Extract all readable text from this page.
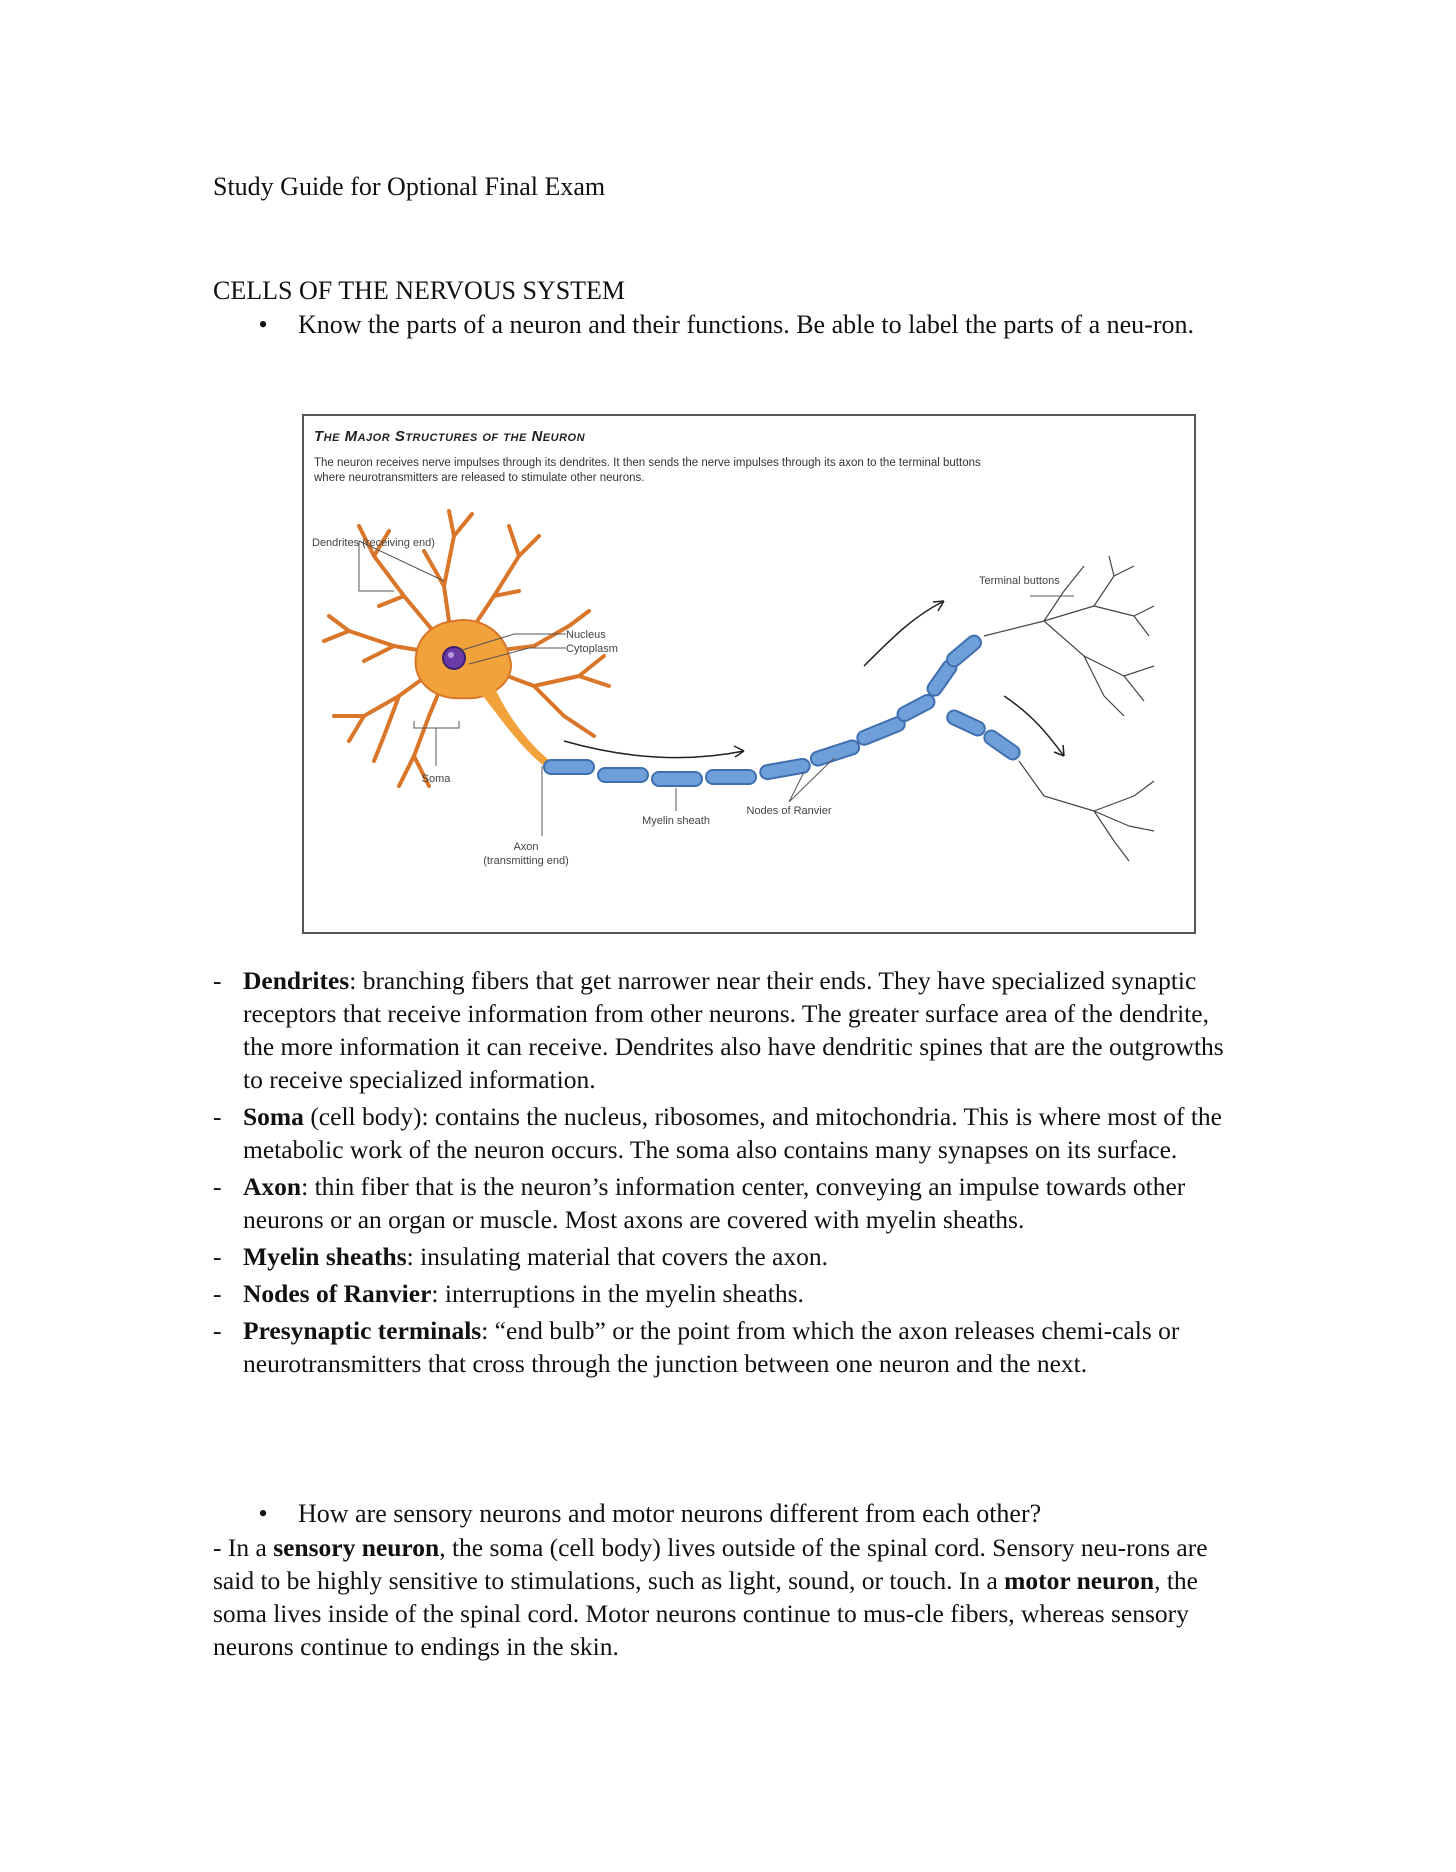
Study Guide for Optional Final Exam
CELLS OF THE NERVOUS SYSTEM
• Know the parts of a neuron and their functions. Be able to label the parts of a neu-ron.
Dendrites (receiving end)
Nucleus
Cytoplasm
Soma
Axon
(transmitting end)
Myelin sheath
Nodes of Ranvier
Terminal buttons
The Major Structures of the Neuron
The neuron receives nerve impulses through its dendrites. It then sends the nerve impulses through its axon to the terminal buttons where neurotransmitters are released to stimulate other neurons.
- Dendrites: branching fibers that get narrower near their ends. They have specialized synaptic receptors that receive information from other neurons. The greater surface area of the dendrite, the more information it can receive. Dendrites also have dendritic spines that are the outgrowths to receive specialized information.
- Soma (cell body): contains the nucleus, ribosomes, and mitochondria. This is where most of the metabolic work of the neuron occurs. The soma also contains many synapses on its surface.
- Axon: thin fiber that is the neuron’s information center, conveying an impulse towards other neurons or an organ or muscle. Most axons are covered with myelin sheaths.
- Myelin sheaths: insulating material that covers the axon.
- Nodes of Ranvier: interruptions in the myelin sheaths.
- Presynaptic terminals: “end bulb” or the point from which the axon releases chemi-cals or neurotransmitters that cross through the junction between one neuron and the next.
• How are sensory neurons and motor neurons different from each other?
- In a sensory neuron, the soma (cell body) lives outside of the spinal cord. Sensory neu-rons are said to be highly sensitive to stimulations, such as light, sound, or touch. In a motor neuron, the soma lives inside of the spinal cord. Motor neurons continue to mus-cle fibers, whereas sensory neurons continue to endings in the skin.
